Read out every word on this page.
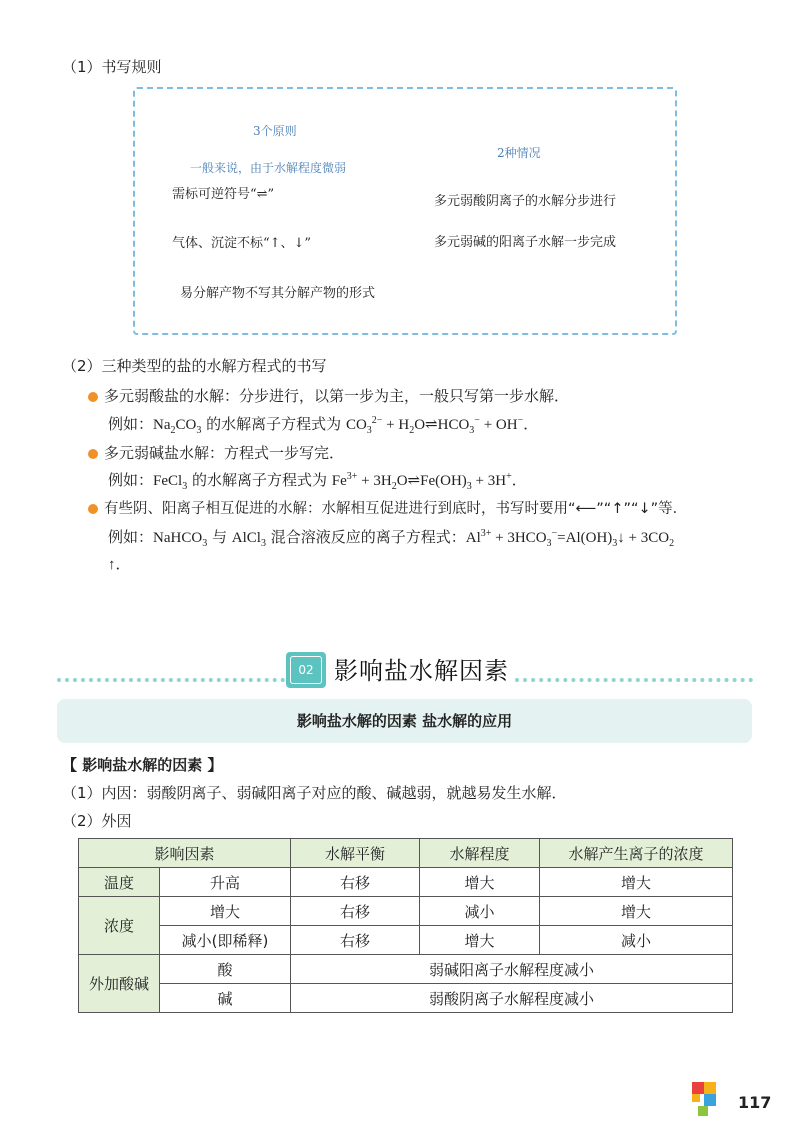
（1）书写规则
3个原则
一般来说，由于水解程度微弱
需标可逆符号“⇌”
气体、沉淀不标“↑、↓”
易分解产物不写其分解产物的形式
2种情况
多元弱酸阴离子的水解分步进行
多元弱碱的阳离子水解一步完成
（2）三种类型的盐的水解方程式的书写
多元弱酸盐的水解：分步进行，以第一步为主，一般只写第一步水解．
例如：$Na_2CO_3$ 的水解离子方程式为 $CO_3^{2-}$ + $H_2O\rightleftharpoons HCO_3^- + OH^-$．
多元弱碱盐水解：方程式一步写完．
例如：FeCl$_3$ 的水解离子方程式为 $Fe^{3+}$ + $3H_2O\rightleftharpoons Fe(OH)_3 + 3H^+$．
有些阴、阳离子相互促进的水解：水解相互促进进行到底时，书写时要用“⟵”“↑”“↓”等．
例如：NaHCO$_3$ 与 AlCl$_3$ 混合溶液反应的离子方程式：$Al^{3+}$ + $3HCO_3^-=Al(OH)_3↓ + 3CO_2$
↑．
02 影响盐水解因素
影响盐水解的因素 盐水解的应用
【 影响盐水解的因素 】
（1）内因：弱酸阴离子、弱碱阳离子对应的酸、碱越弱，就越易发生水解．
（2）外因
影响因素		水解平衡	水解程度	水解产生离子的浓度
温度	升高	右移	增大	增大
浓度	增大	右移	减小	增大
	减小(即稀释)	右移	增大	减小
外加酸碱	酸	弱碱阳离子水解程度减小		
	碱	弱酸阴离子水解程度减小		
117
